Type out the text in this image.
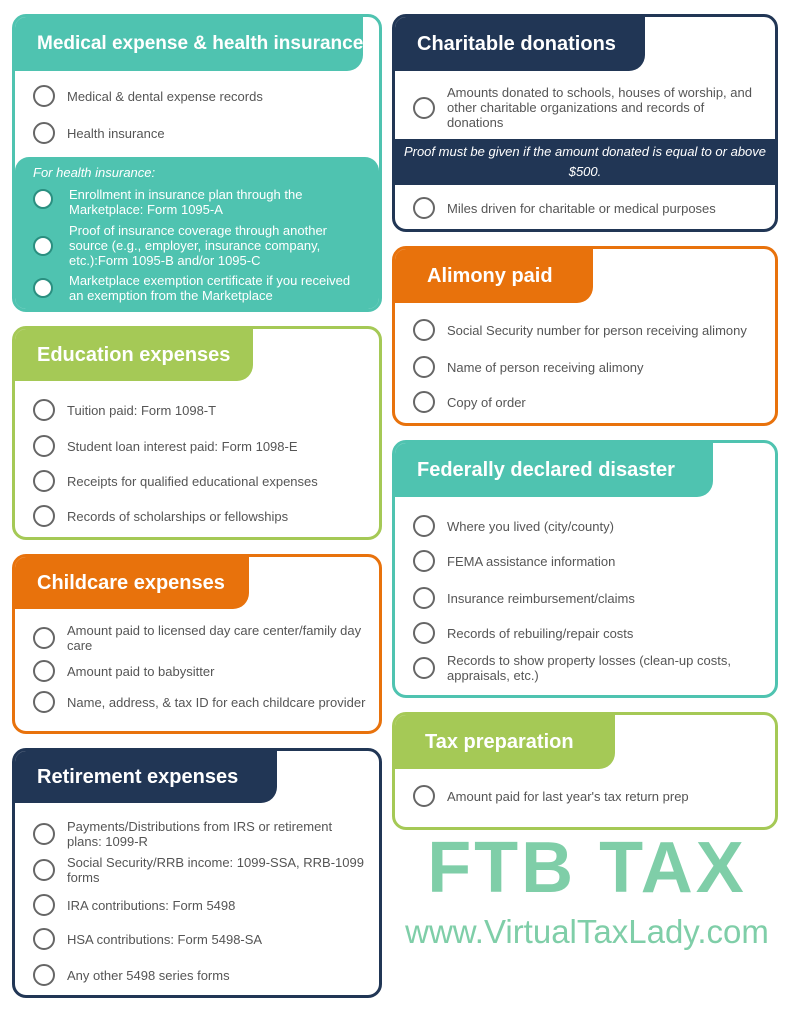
Medical expense & health insurance
Medical & dental expense records
Health insurance
For health insurance:
Enrollment in insurance plan through the Marketplace: Form 1095-A
Proof of insurance coverage through another source (e.g., employer, insurance company, etc.):Form 1095-B and/or 1095-C
Marketplace exemption certificate if you received an exemption from the Marketplace
Education expenses
Tuition paid: Form 1098-T
Student loan interest paid: Form 1098-E
Receipts for qualified educational expenses
Records of scholarships or fellowships
Childcare expenses
Amount paid to licensed day care center/family day care
Amount paid to babysitter
Name, address, & tax ID for each childcare provider
Retirement expenses
Payments/Distributions from IRS or retirement plans: 1099-R
Social Security/RRB income: 1099-SSA, RRB-1099 forms
IRA contributions: Form 5498
HSA contributions: Form 5498-SA
Any other 5498 series forms
Charitable donations
Amounts donated to schools, houses of worship, and other charitable organizations and records of donations
Proof must be given if the amount donated is equal to or above $500.
Miles driven for charitable or medical purposes
Alimony paid
Social Security number for person receiving alimony
Name of person receiving alimony
Copy of order
Federally declared disaster
Where you lived (city/county)
FEMA assistance information
Insurance reimbursement/claims
Records of rebuiling/repair costs
Records to show property losses (clean-up costs, appraisals, etc.)
Tax preparation
Amount paid for last year's tax return prep
FTB TAX
www.VirtualTaxLady.com
